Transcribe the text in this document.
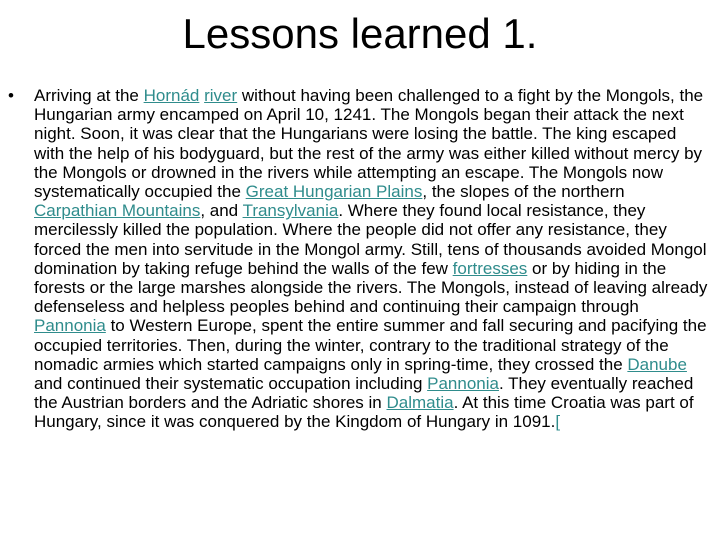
Lessons learned 1.
• Arriving at the Hornád river without having been challenged to a fight by the Mongols, the Hungarian army encamped on April 10, 1241. The Mongols began their attack the next night. Soon, it was clear that the Hungarians were losing the battle. The king escaped with the help of his bodyguard, but the rest of the army was either killed without mercy by the Mongols or drowned in the rivers while attempting an escape. The Mongols now systematically occupied the Great Hungarian Plains, the slopes of the northern Carpathian Mountains, and Transylvania. Where they found local resistance, they mercilessly killed the population. Where the people did not offer any resistance, they forced the men into servitude in the Mongol army. Still, tens of thousands avoided Mongol domination by taking refuge behind the walls of the few fortresses or by hiding in the forests or the large marshes alongside the rivers. The Mongols, instead of leaving already defenseless and helpless peoples behind and continuing their campaign through Pannonia to Western Europe, spent the entire summer and fall securing and pacifying the occupied territories. Then, during the winter, contrary to the traditional strategy of the nomadic armies which started campaigns only in spring-time, they crossed the Danube and continued their systematic occupation including Pannonia. They eventually reached the Austrian borders and the Adriatic shores in Dalmatia. At this time Croatia was part of Hungary, since it was conquered by the Kingdom of Hungary in 1091.[
